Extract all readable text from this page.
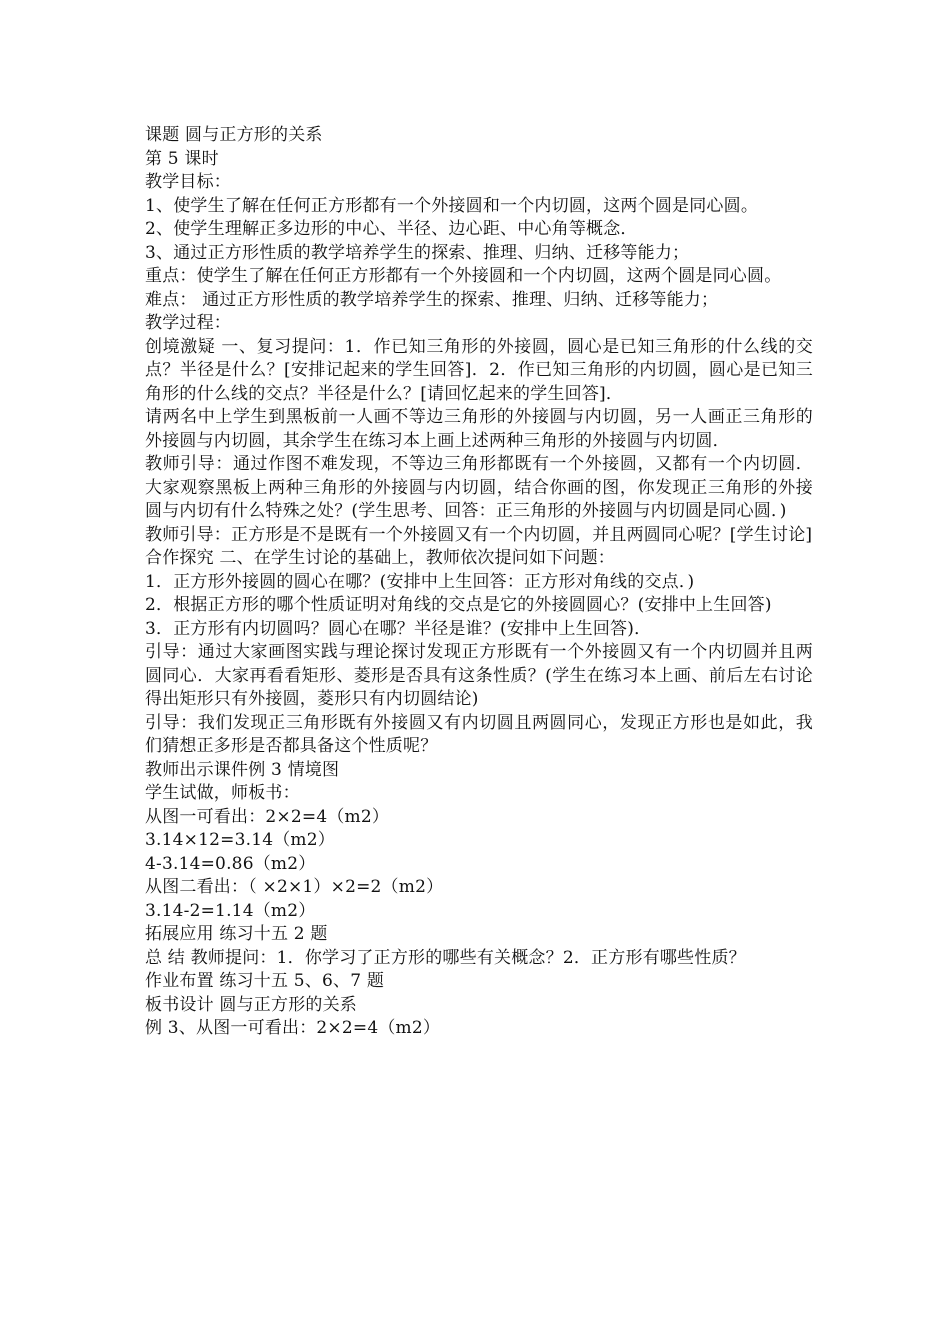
课题 圆与正方形的关系

第 5 课时

教学目标：

1、使学生了解在任何正方形都有一个外接圆和一个内切圆，这两个圆是同心圆。

2、使学生理解正多边形的中心、半径、边心距、中心角等概念．

3、通过正方形性质的教学培养学生的探索、推理、归纳、迁移等能力；

重点：使学生了解在任何正方形都有一个外接圆和一个内切圆，这两个圆是同心圆。

难点： 通过正方形性质的教学培养学生的探索、推理、归纳、迁移等能力；

教学过程：

创境激疑 一、复习提问：1．作已知三角形的外接圆，圆心是已知三角形的什么线的交点？半径是什么？[安排记起来的学生回答]．2．作已知三角形的内切圆，圆心是已知三角形的什么线的交点？半径是什么？[请回忆起来的学生回答]．

请两名中上学生到黑板前一人画不等边三角形的外接圆与内切圆，另一人画正三角形的外接圆与内切圆，其余学生在练习本上画上述两种三角形的外接圆与内切圆．

教师引导：通过作图不难发现，不等边三角形都既有一个外接圆，又都有一个内切圆．大家观察黑板上两种三角形的外接圆与内切圆，结合你画的图，你发现正三角形的外接圆与内切有什么特殊之处？(学生思考、回答：正三角形的外接圆与内切圆是同心圆．)

教师引导：正方形是不是既有一个外接圆又有一个内切圆，并且两圆同心呢？[学生讨论]

合作探究 二、在学生讨论的基础上，教师依次提问如下问题：

1．正方形外接圆的圆心在哪？(安排中上生回答：正方形对角线的交点．)

2．根据正方形的哪个性质证明对角线的交点是它的外接圆圆心？(安排中上生回答)

3．正方形有内切圆吗？圆心在哪？半径是谁？(安排中上生回答)．

引导：通过大家画图实践与理论探讨发现正方形既有一个外接圆又有一个内切圆并且两圆同心．大家再看看矩形、菱形是否具有这条性质？(学生在练习本上画、前后左右讨论得出矩形只有外接圆，菱形只有内切圆结论)

引导：我们发现正三角形既有外接圆又有内切圆且两圆同心，发现正方形也是如此，我们猜想正多形是否都具备这个性质呢？

教师出示课件例 3 情境图

学生试做，师板书：

从图一可看出：2×2=4（m2）

3.14×12=3.14（m2）

4-3.14=0.86（m2）

从图二看出：（ ×2×1）×2=2（m2）

3.14-2=1.14（m2）

拓展应用 练习十五 2 题

总 结 教师提问：1．你学习了正方形的哪些有关概念？2．正方形有哪些性质？

作业布置 练习十五 5、6、7 题

板书设计 圆与正方形的关系

例 3、从图一可看出：2×2=4（m2）
